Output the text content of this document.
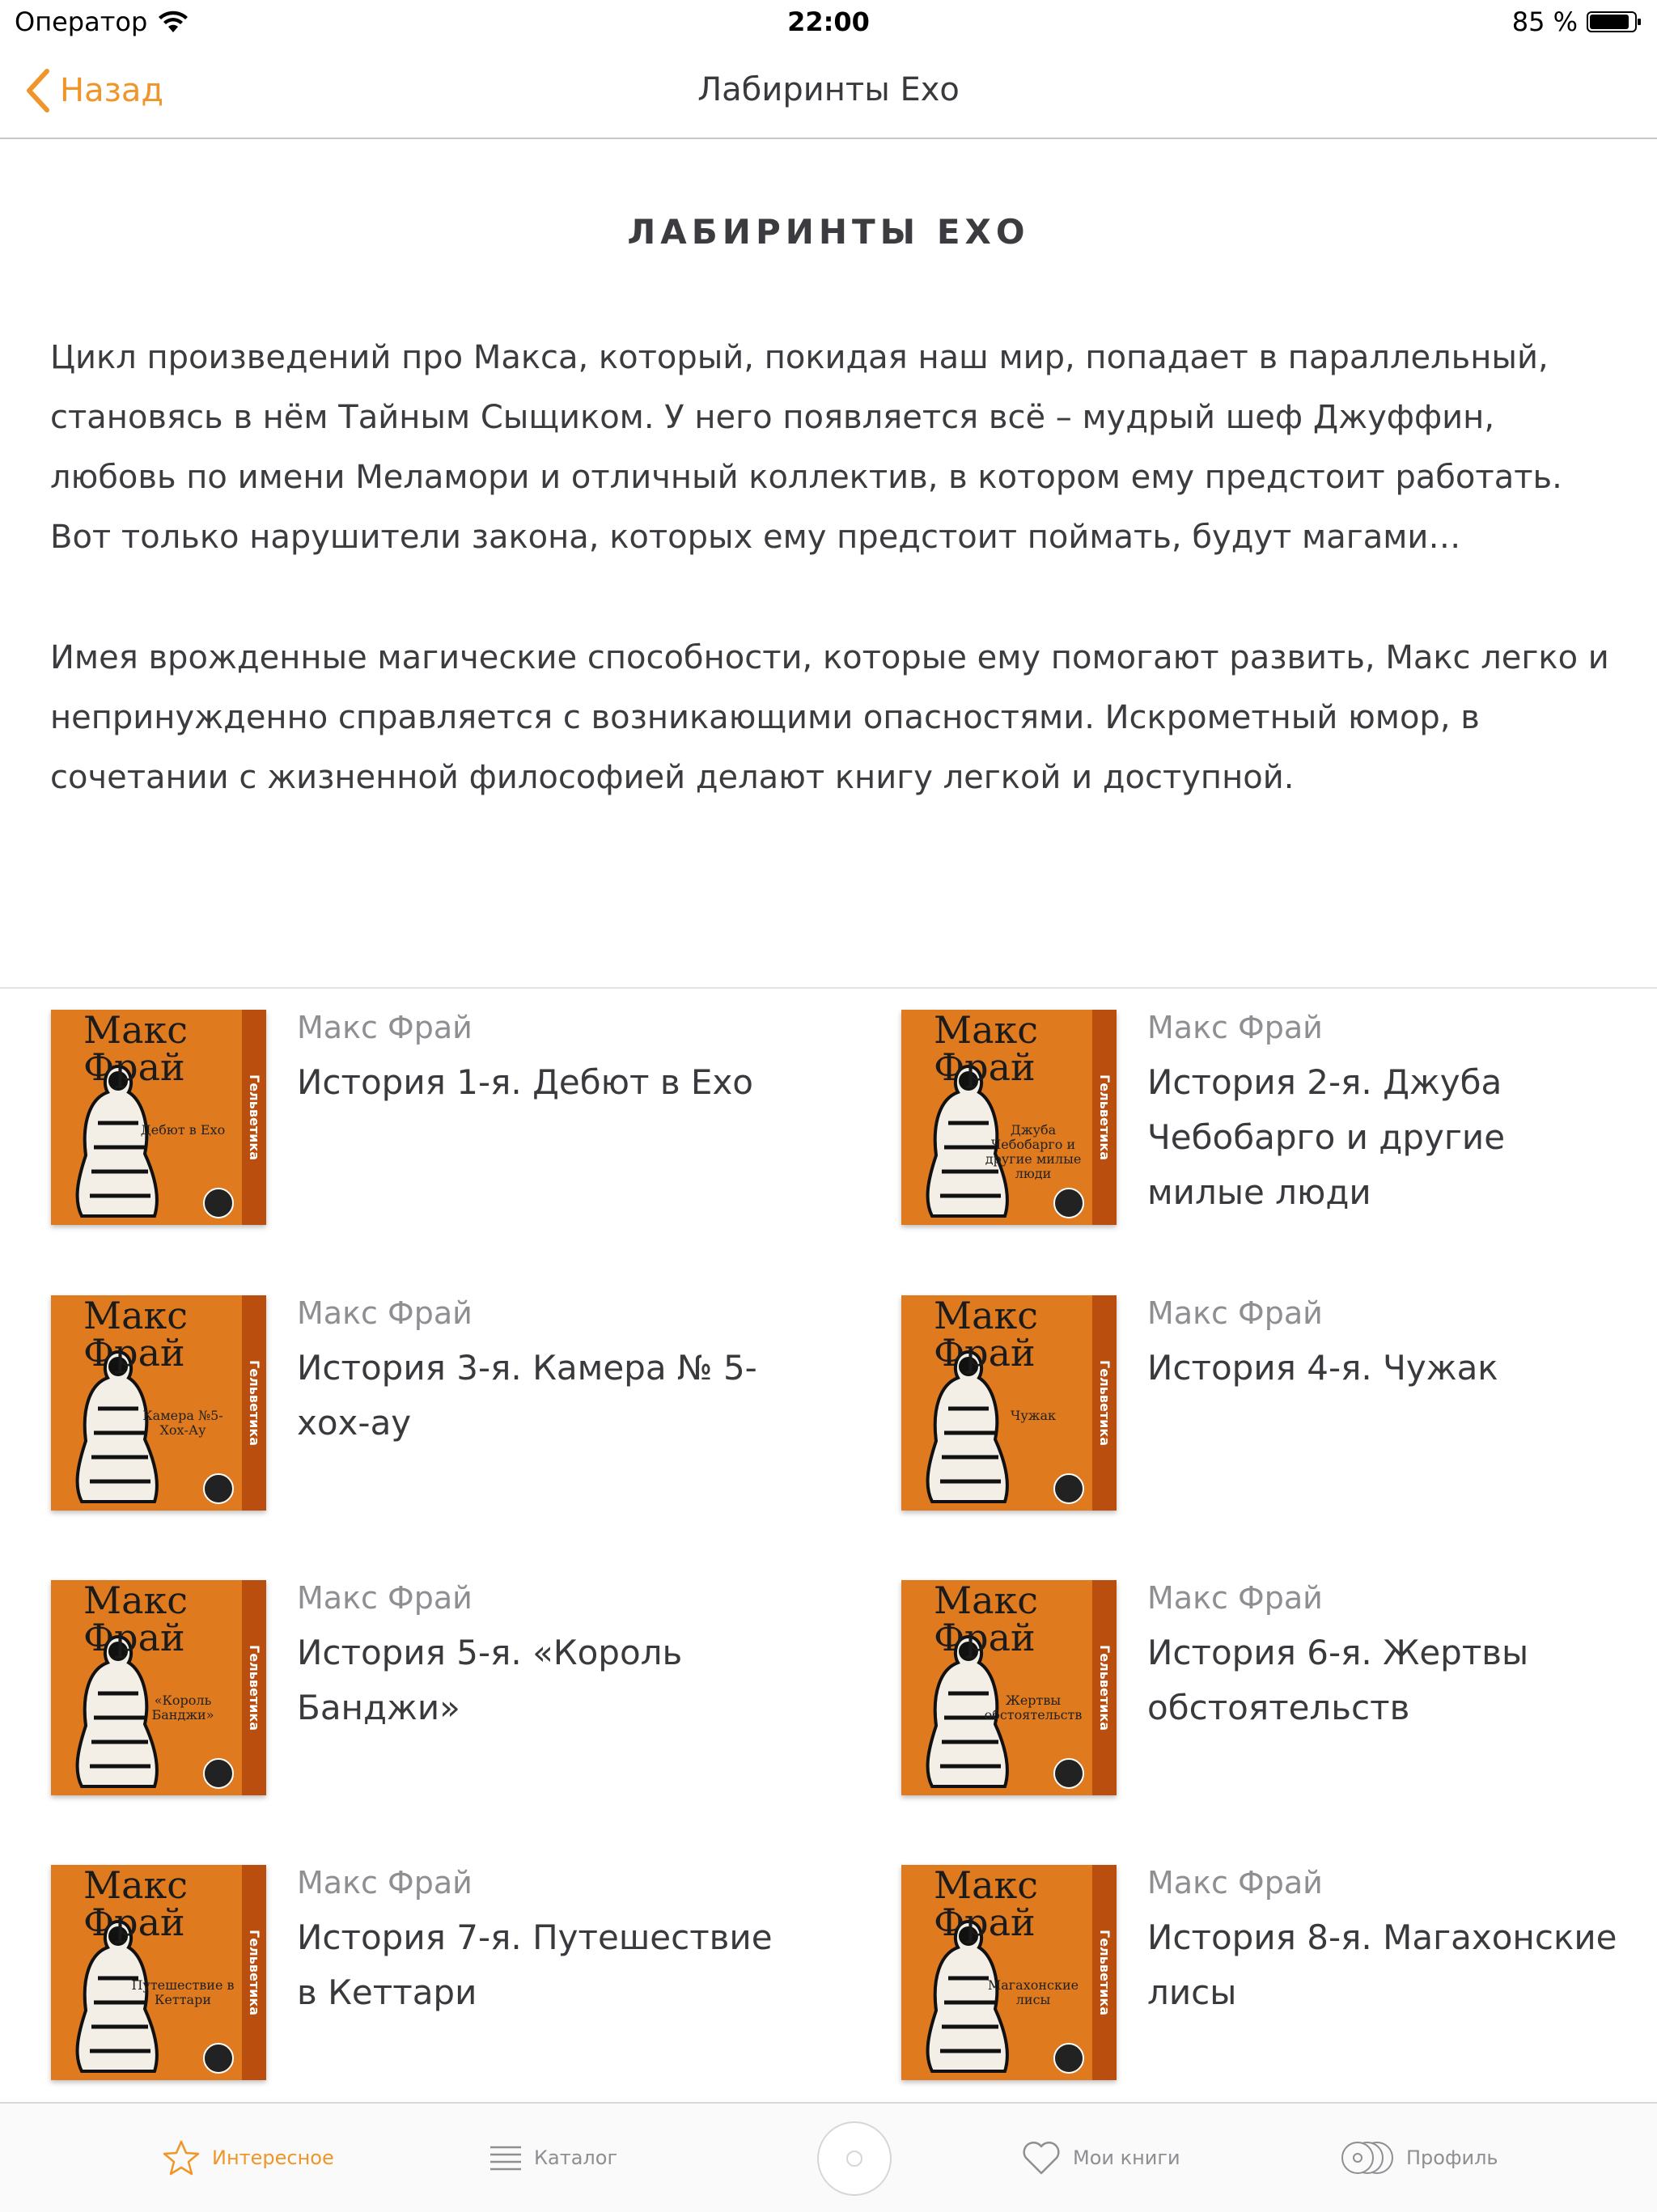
Оператор	22:00	85 %
Назад	Лабиринты Ехо
ЛАБИРИНТЫ ЕХО

Цикл произведений про Макса, который, покидая наш мир, попадает в параллельный, становясь в нём Тайным Сыщиком. У него появляется всё – мудрый шеф Джуффин, любовь по имени Меламори и отличный коллектив, в котором ему предстоит работать. Вот только нарушители закона, которых ему предстоит поймать, будут магами…

Имея врожденные магические способности, которые ему помогают развить, Макс легко и непринужденно справляется с возникающими опасностями. Искрометный юмор, в сочетании с жизненной философией делают книгу легкой и доступной.

Макс Фрай
Дебют в Ехо	Гельветика
Макс Фрай
История 1-я. Дебют в Ехо
Макс Фрай
Джуба Чебобарго и другие милые люди
Гельветика
Макс Фрай
История 2-я. Джуба Чебобарго и другие милые люди
Макс Фрай
Камера №5-Хох-Ау	Гельветика
Макс Фрай
История 3-я. Камера № 5-хох-ау
Макс Фрай
Чужак	Гельветика
Макс Фрай
История 4-я. Чужак
Макс Фрай
«Король Банджи»	Гельветика
Макс Фрай
История 5-я. «Король Банджи»
Макс Фрай
Жертвы обстоятельств	Гельветика
Макс Фрай
История 6-я. Жертвы обстоятельств
Макс Фрай
Путешествие в Кеттари	Гельветика
Макс Фрай
История 7-я. Путешествие в Кеттари
Макс Фрай
Магахонские лисы	Гельветика
Макс Фрай
История 8-я. Магахонские лисы
Интересное	Каталог	Мои книги	Профиль
